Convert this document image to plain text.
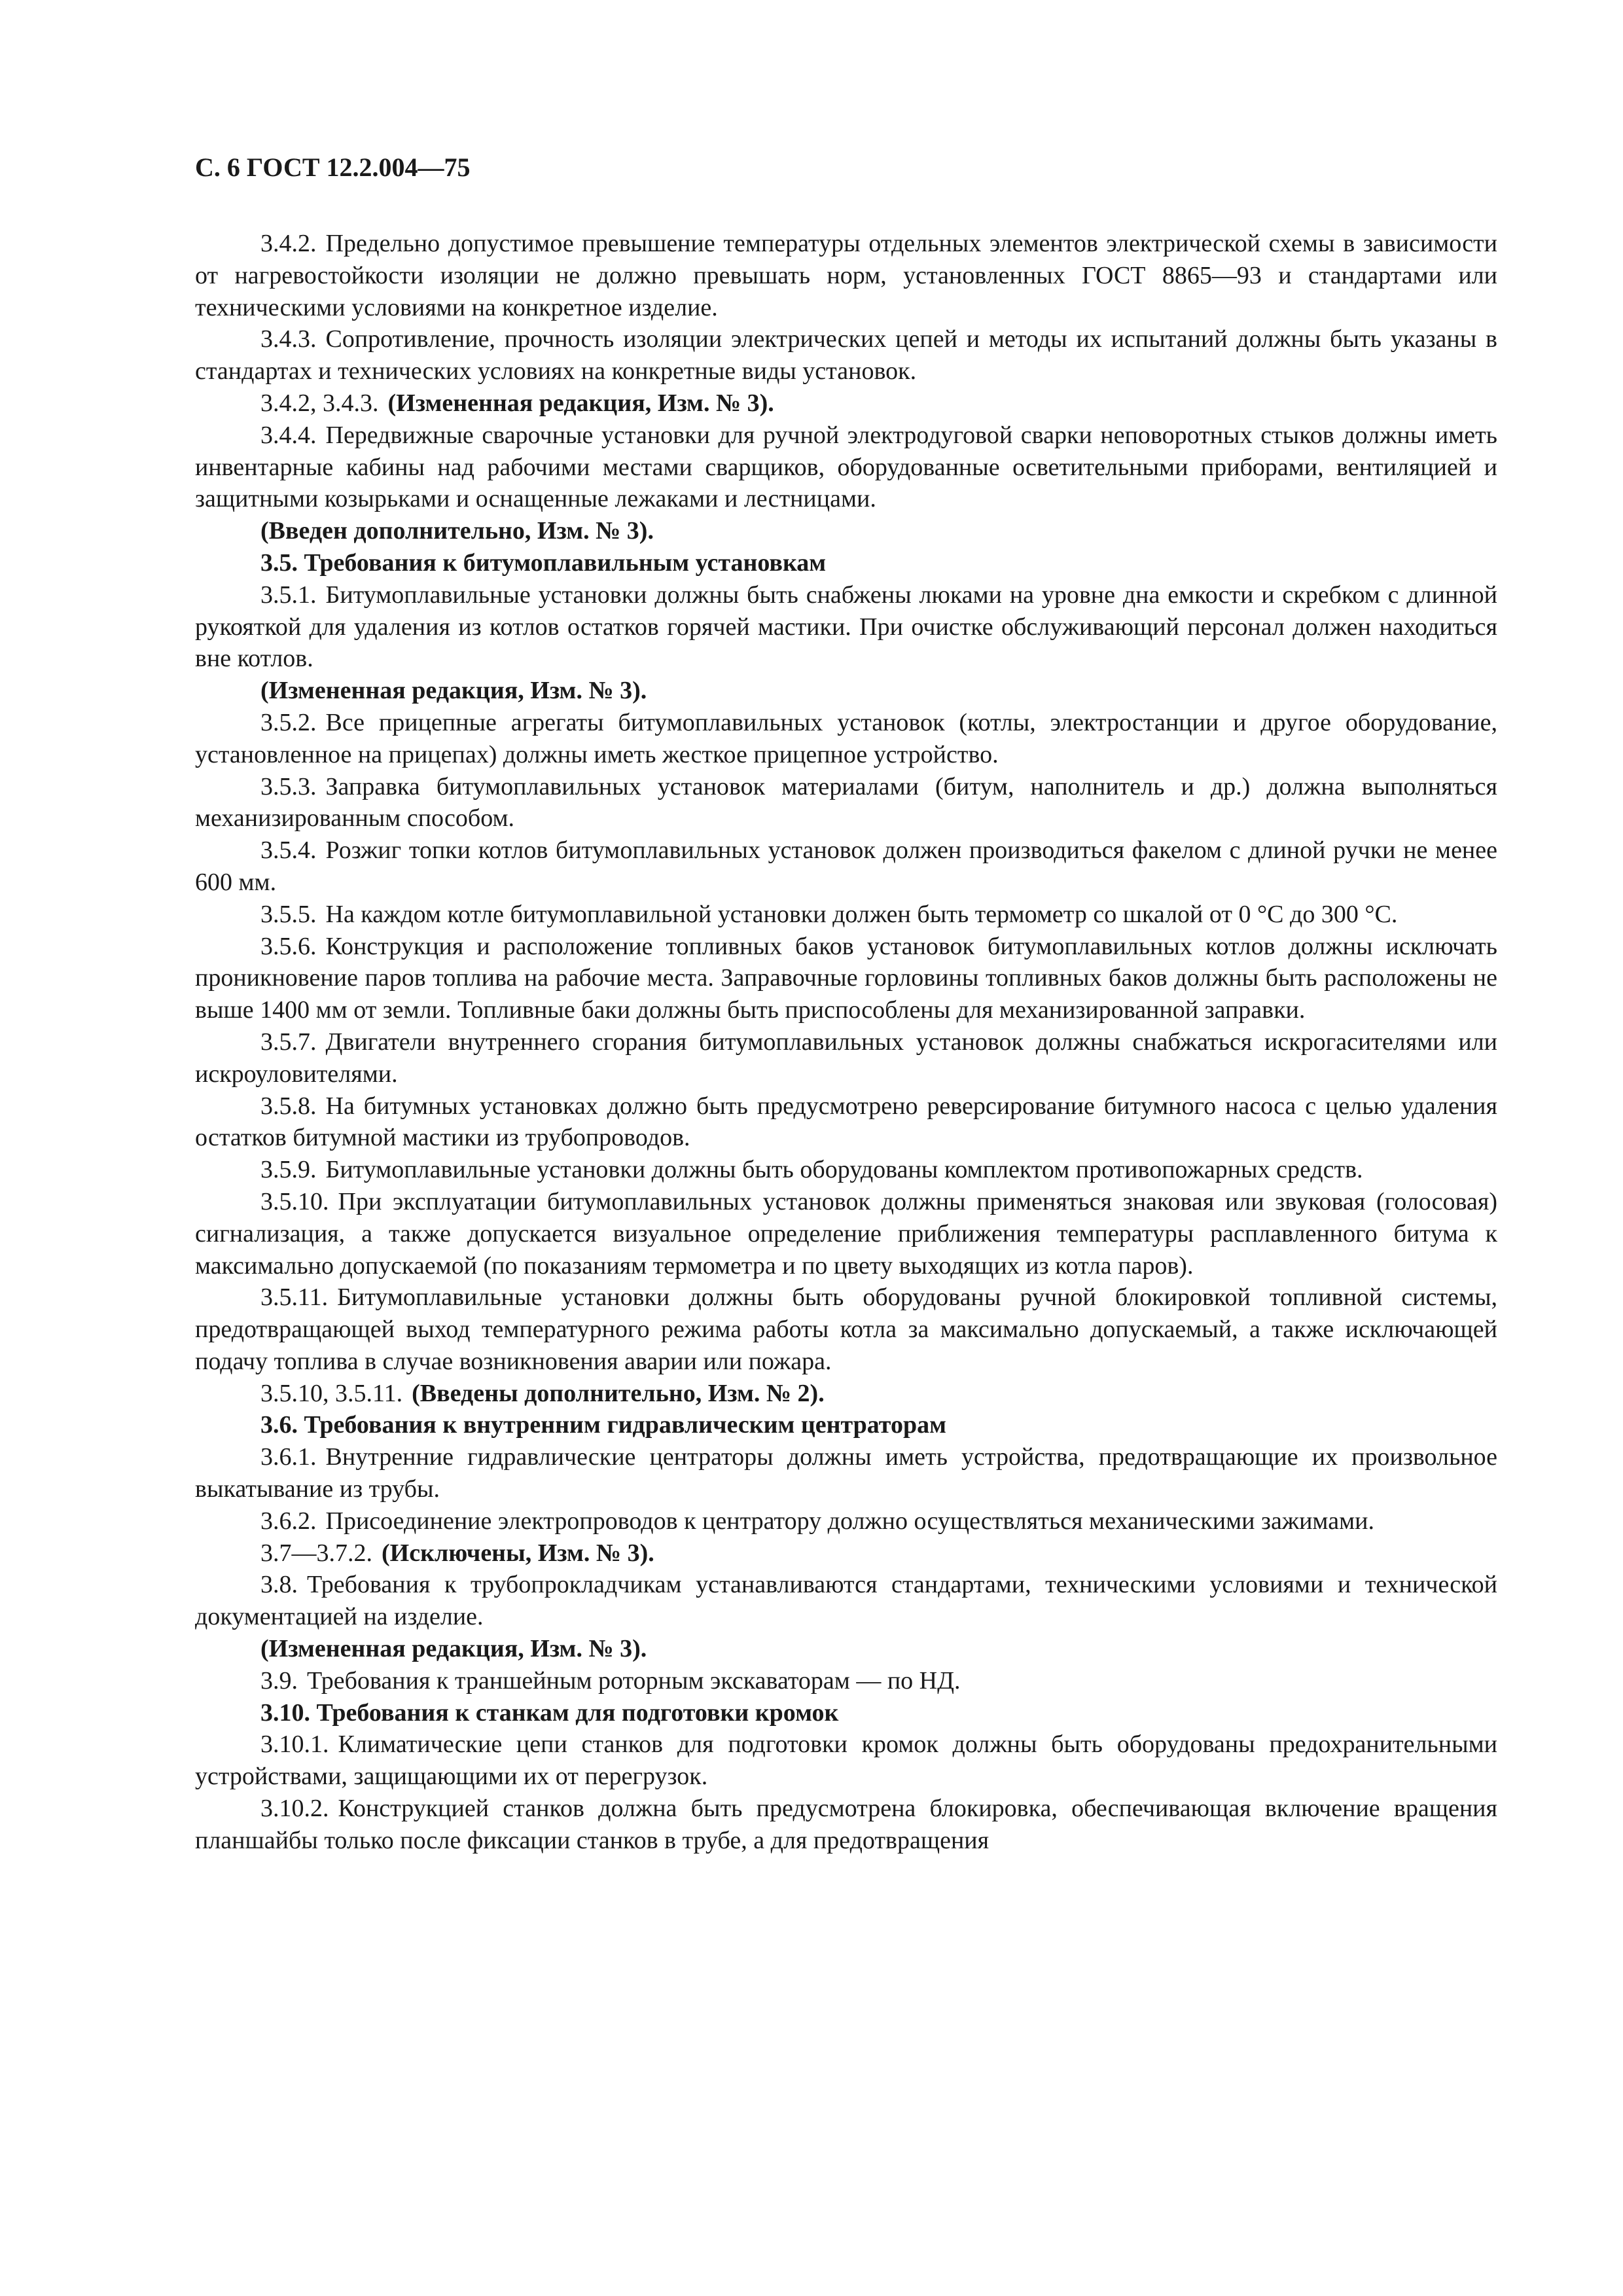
С. 6 ГОСТ 12.2.004—75

3.4.2. Предельно допустимое превышение температуры отдельных элементов электрической схемы в зависимости от нагревостойкости изоляции не должно превышать норм, установленных ГОСТ 8865—93 и стандартами или техническими условиями на конкретное изделие.

3.4.3. Сопротивление, прочность изоляции электрических цепей и методы их испытаний должны быть указаны в стандартах и технических условиях на конкретные виды установок.

3.4.2, 3.4.3. (Измененная редакция, Изм. № 3).

3.4.4. Передвижные сварочные установки для ручной электродуговой сварки неповоротных стыков должны иметь инвентарные кабины над рабочими местами сварщиков, оборудованные осветительными приборами, вентиляцией и защитными козырьками и оснащенные лежаками и лестницами.

(Введен дополнительно, Изм. № 3).

3.5. Требования к битумоплавильным установкам

3.5.1. Битумоплавильные установки должны быть снабжены люками на уровне дна емкости и скребком с длинной рукояткой для удаления из котлов остатков горячей мастики. При очистке обслуживающий персонал должен находиться вне котлов.

(Измененная редакция, Изм. № 3).

3.5.2. Все прицепные агрегаты битумоплавильных установок (котлы, электростанции и другое оборудование, установленное на прицепах) должны иметь жесткое прицепное устройство.

3.5.3. Заправка битумоплавильных установок материалами (битум, наполнитель и др.) должна выполняться механизированным способом.

3.5.4. Розжиг топки котлов битумоплавильных установок должен производиться факелом с длиной ручки не менее 600 мм.

3.5.5. На каждом котле битумоплавильной установки должен быть термометр со шкалой от 0 °С до 300 °С.

3.5.6. Конструкция и расположение топливных баков установок битумоплавильных котлов должны исключать проникновение паров топлива на рабочие места. Заправочные горловины топливных баков должны быть расположены не выше 1400 мм от земли. Топливные баки должны быть приспособлены для механизированной заправки.

3.5.7. Двигатели внутреннего сгорания битумоплавильных установок должны снабжаться искрогасителями или искроуловителями.

3.5.8. На битумных установках должно быть предусмотрено реверсирование битумного насоса с целью удаления остатков битумной мастики из трубопроводов.

3.5.9. Битумоплавильные установки должны быть оборудованы комплектом противопожарных средств.

3.5.10. При эксплуатации битумоплавильных установок должны применяться знаковая или звуковая (голосовая) сигнализация, а также допускается визуальное определение приближения температуры расплавленного битума к максимально допускаемой (по показаниям термометра и по цвету выходящих из котла паров).

3.5.11. Битумоплавильные установки должны быть оборудованы ручной блокировкой топливной системы, предотвращающей выход температурного режима работы котла за максимально допускаемый, а также исключающей подачу топлива в случае возникновения аварии или пожара.

3.5.10, 3.5.11. (Введены дополнительно, Изм. № 2).

3.6. Требования к внутренним гидравлическим центраторам

3.6.1. Внутренние гидравлические центраторы должны иметь устройства, предотвращающие их произвольное выкатывание из трубы.

3.6.2. Присоединение электропроводов к центратору должно осуществляться механическими зажимами.

3.7—3.7.2. (Исключены, Изм. № 3).

3.8. Требования к трубопрокладчикам устанавливаются стандартами, техническими условиями и технической документацией на изделие.

(Измененная редакция, Изм. № 3).

3.9. Требования к траншейным роторным экскаваторам — по НД.

3.10. Требования к станкам для подготовки кромок

3.10.1. Климатические цепи станков для подготовки кромок должны быть оборудованы предохранительными устройствами, защищающими их от перегрузок.

3.10.2. Конструкцией станков должна быть предусмотрена блокировка, обеспечивающая включение вращения планшайбы только после фиксации станков в трубе, а для предотвращения
